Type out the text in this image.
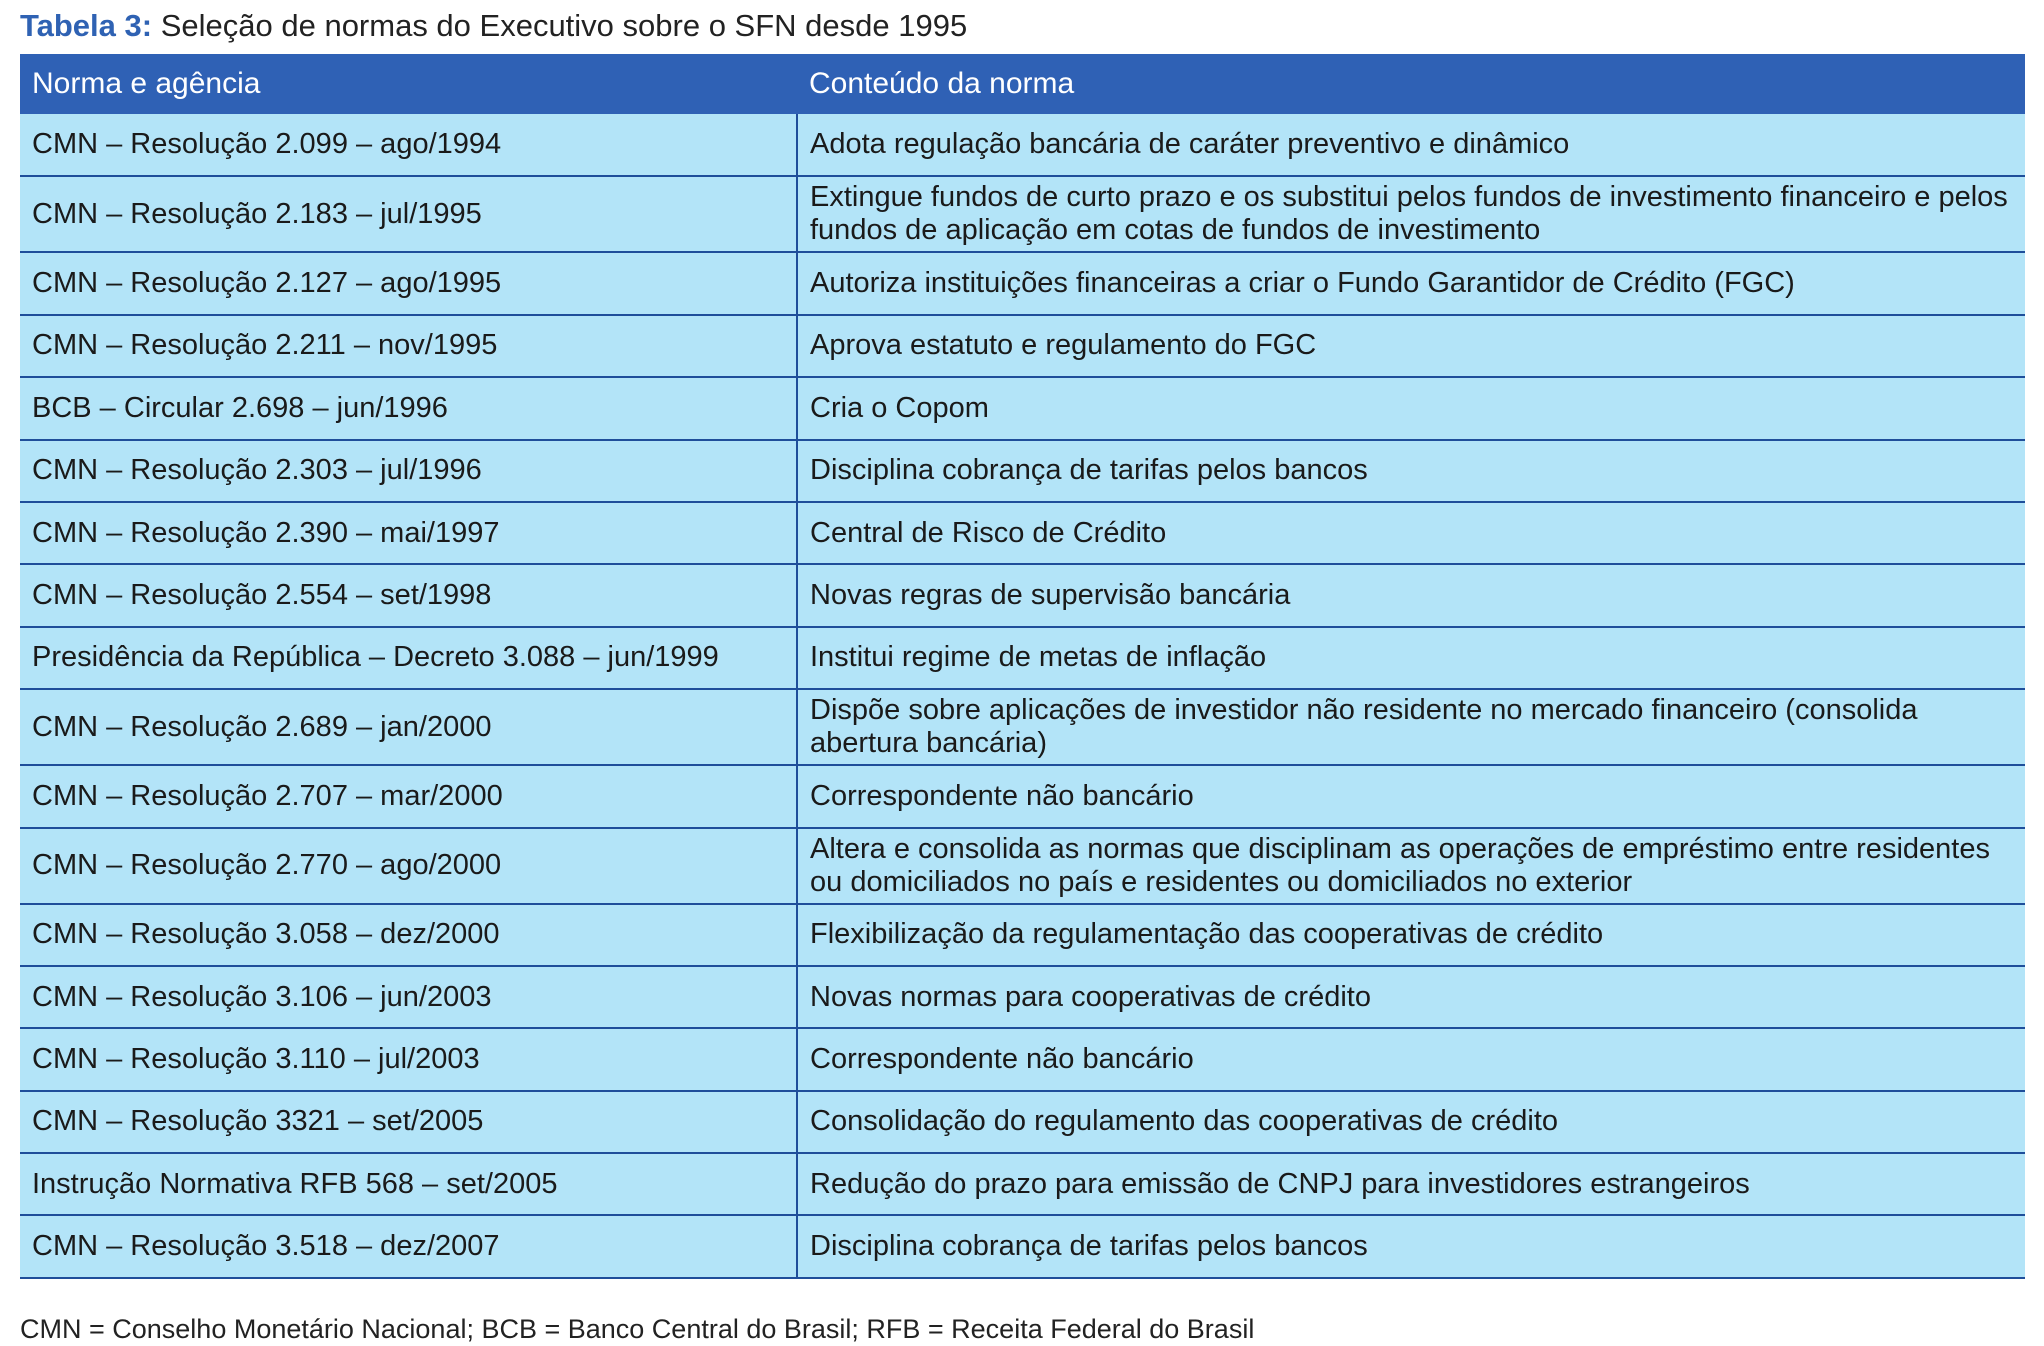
Tabela 3: Seleção de normas do Executivo sobre o SFN desde 1995
Norma e agência	Conteúdo da norma
CMN – Resolução 2.099 – ago/1994	Adota regulação bancária de caráter preventivo e dinâmico
CMN – Resolução 2.183 – jul/1995	Extingue fundos de curto prazo e os substitui pelos fundos de investimento financeiro e pelos fundos de aplicação em cotas de fundos de investimento
CMN – Resolução 2.127 – ago/1995	Autoriza instituições financeiras a criar o Fundo Garantidor de Crédito (FGC)
CMN – Resolução 2.211 – nov/1995	Aprova estatuto e regulamento do FGC
BCB – Circular 2.698 – jun/1996	Cria o Copom
CMN – Resolução 2.303 – jul/1996	Disciplina cobrança de tarifas pelos bancos
CMN – Resolução 2.390 – mai/1997	Central de Risco de Crédito
CMN – Resolução 2.554 – set/1998	Novas regras de supervisão bancária
Presidência da República – Decreto 3.088 – jun/1999	Institui regime de metas de inflação
CMN – Resolução 2.689 – jan/2000	Dispõe sobre aplicações de investidor não residente no mercado financeiro (consolida abertura bancária)
CMN – Resolução 2.707 – mar/2000	Correspondente não bancário
CMN – Resolução 2.770 – ago/2000	Altera e consolida as normas que disciplinam as operações de empréstimo entre residentes ou domiciliados no país e residentes ou domiciliados no exterior
CMN – Resolução 3.058 – dez/2000	Flexibilização da regulamentação das cooperativas de crédito
CMN – Resolução 3.106 – jun/2003	Novas normas para cooperativas de crédito
CMN – Resolução 3.110 – jul/2003	Correspondente não bancário
CMN – Resolução 3321 – set/2005	Consolidação do regulamento das cooperativas de crédito
Instrução Normativa RFB 568 – set/2005	Redução do prazo para emissão de CNPJ para investidores estrangeiros
CMN – Resolução 3.518 – dez/2007	Disciplina cobrança de tarifas pelos bancos
CMN = Conselho Monetário Nacional; BCB = Banco Central do Brasil; RFB = Receita Federal do Brasil
